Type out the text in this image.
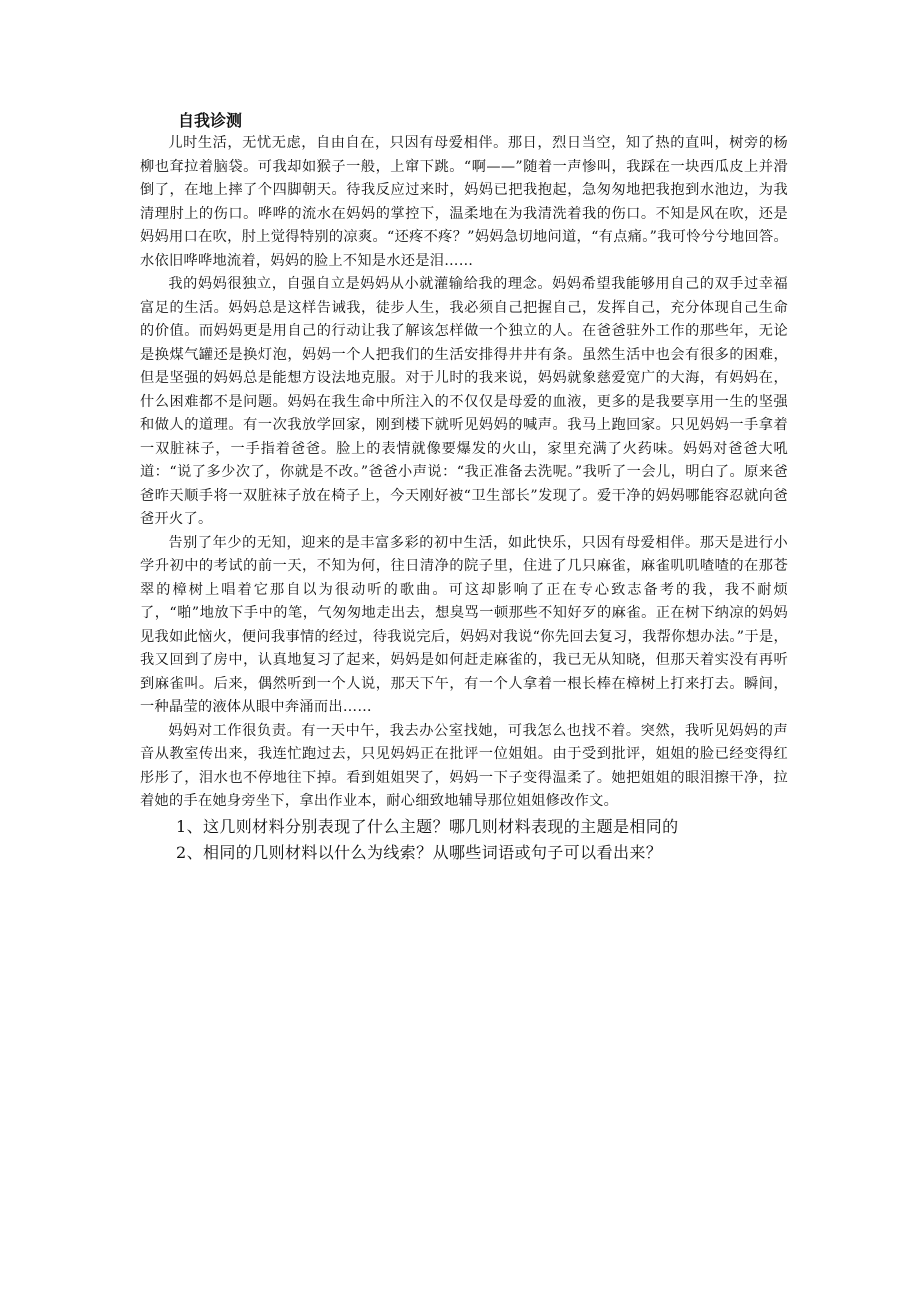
自我诊测

儿时生活，无忧无虑，自由自在，只因有母爱相伴。那日，烈日当空，知了热的直叫，树旁的杨柳也耷拉着脑袋。可我却如猴子一般，上窜下跳。“啊——”随着一声惨叫，我踩在一块西瓜皮上并滑倒了，在地上摔了个四脚朝天。待我反应过来时，妈妈已把我抱起，急匆匆地把我抱到水池边，为我清理肘上的伤口。哗哗的流水在妈妈的掌控下，温柔地在为我清洗着我的伤口。不知是风在吹，还是妈妈用口在吹，肘上觉得特别的凉爽。“还疼不疼？”妈妈急切地问道，“有点痛。”我可怜兮兮地回答。水依旧哗哗地流着，妈妈的脸上不知是水还是泪……

我的妈妈很独立，自强自立是妈妈从小就灌输给我的理念。妈妈希望我能够用自己的双手过幸福富足的生活。妈妈总是这样告诫我，徒步人生，我必须自己把握自己，发挥自己，充分体现自己生命的价值。而妈妈更是用自己的行动让我了解该怎样做一个独立的人。在爸爸驻外工作的那些年，无论是换煤气罐还是换灯泡，妈妈一个人把我们的生活安排得井井有条。虽然生活中也会有很多的困难，但是坚强的妈妈总是能想方设法地克服。对于儿时的我来说，妈妈就象慈爱宽广的大海，有妈妈在，什么困难都不是问题。妈妈在我生命中所注入的不仅仅是母爱的血液，更多的是我要享用一生的坚强和做人的道理。有一次我放学回家，刚到楼下就听见妈妈的喊声。我马上跑回家。只见妈妈一手拿着一双脏袜子，一手指着爸爸。脸上的表情就像要爆发的火山，家里充满了火药味。妈妈对爸爸大吼道：“说了多少次了，你就是不改。”爸爸小声说：“我正准备去洗呢。”我听了一会儿，明白了。原来爸爸昨天顺手将一双脏袜子放在椅子上，今天刚好被“卫生部长”发现了。爱干净的妈妈哪能容忍就向爸爸开火了。

告别了年少的无知，迎来的是丰富多彩的初中生活，如此快乐，只因有母爱相伴。那天是进行小学升初中的考试的前一天，不知为何，往日清净的院子里，住进了几只麻雀，麻雀叽叽喳喳的在那苍翠的樟树上唱着它那自以为很动听的歌曲。可这却影响了正在专心致志备考的我，我不耐烦了，“啪”地放下手中的笔，气匆匆地走出去，想臭骂一顿那些不知好歹的麻雀。正在树下纳凉的妈妈见我如此恼火，便问我事情的经过，待我说完后，妈妈对我说“你先回去复习，我帮你想办法。”于是，我又回到了房中，认真地复习了起来，妈妈是如何赶走麻雀的，我已无从知晓，但那天着实没有再听到麻雀叫。后来，偶然听到一个人说，那天下午，有一个人拿着一根长棒在樟树上打来打去。瞬间，一种晶莹的液体从眼中奔涌而出……

妈妈对工作很负责。有一天中午，我去办公室找她，可我怎么也找不着。突然，我听见妈妈的声音从教室传出来，我连忙跑过去，只见妈妈正在批评一位姐姐。由于受到批评，姐姐的脸已经变得红彤彤了，泪水也不停地往下掉。看到姐姐哭了，妈妈一下子变得温柔了。她把姐姐的眼泪擦干净，拉着她的手在她身旁坐下，拿出作业本，耐心细致地辅导那位姐姐修改作文。

1、这几则材料分别表现了什么主题？哪几则材料表现的主题是相同的
2、相同的几则材料以什么为线索？从哪些词语或句子可以看出来？
